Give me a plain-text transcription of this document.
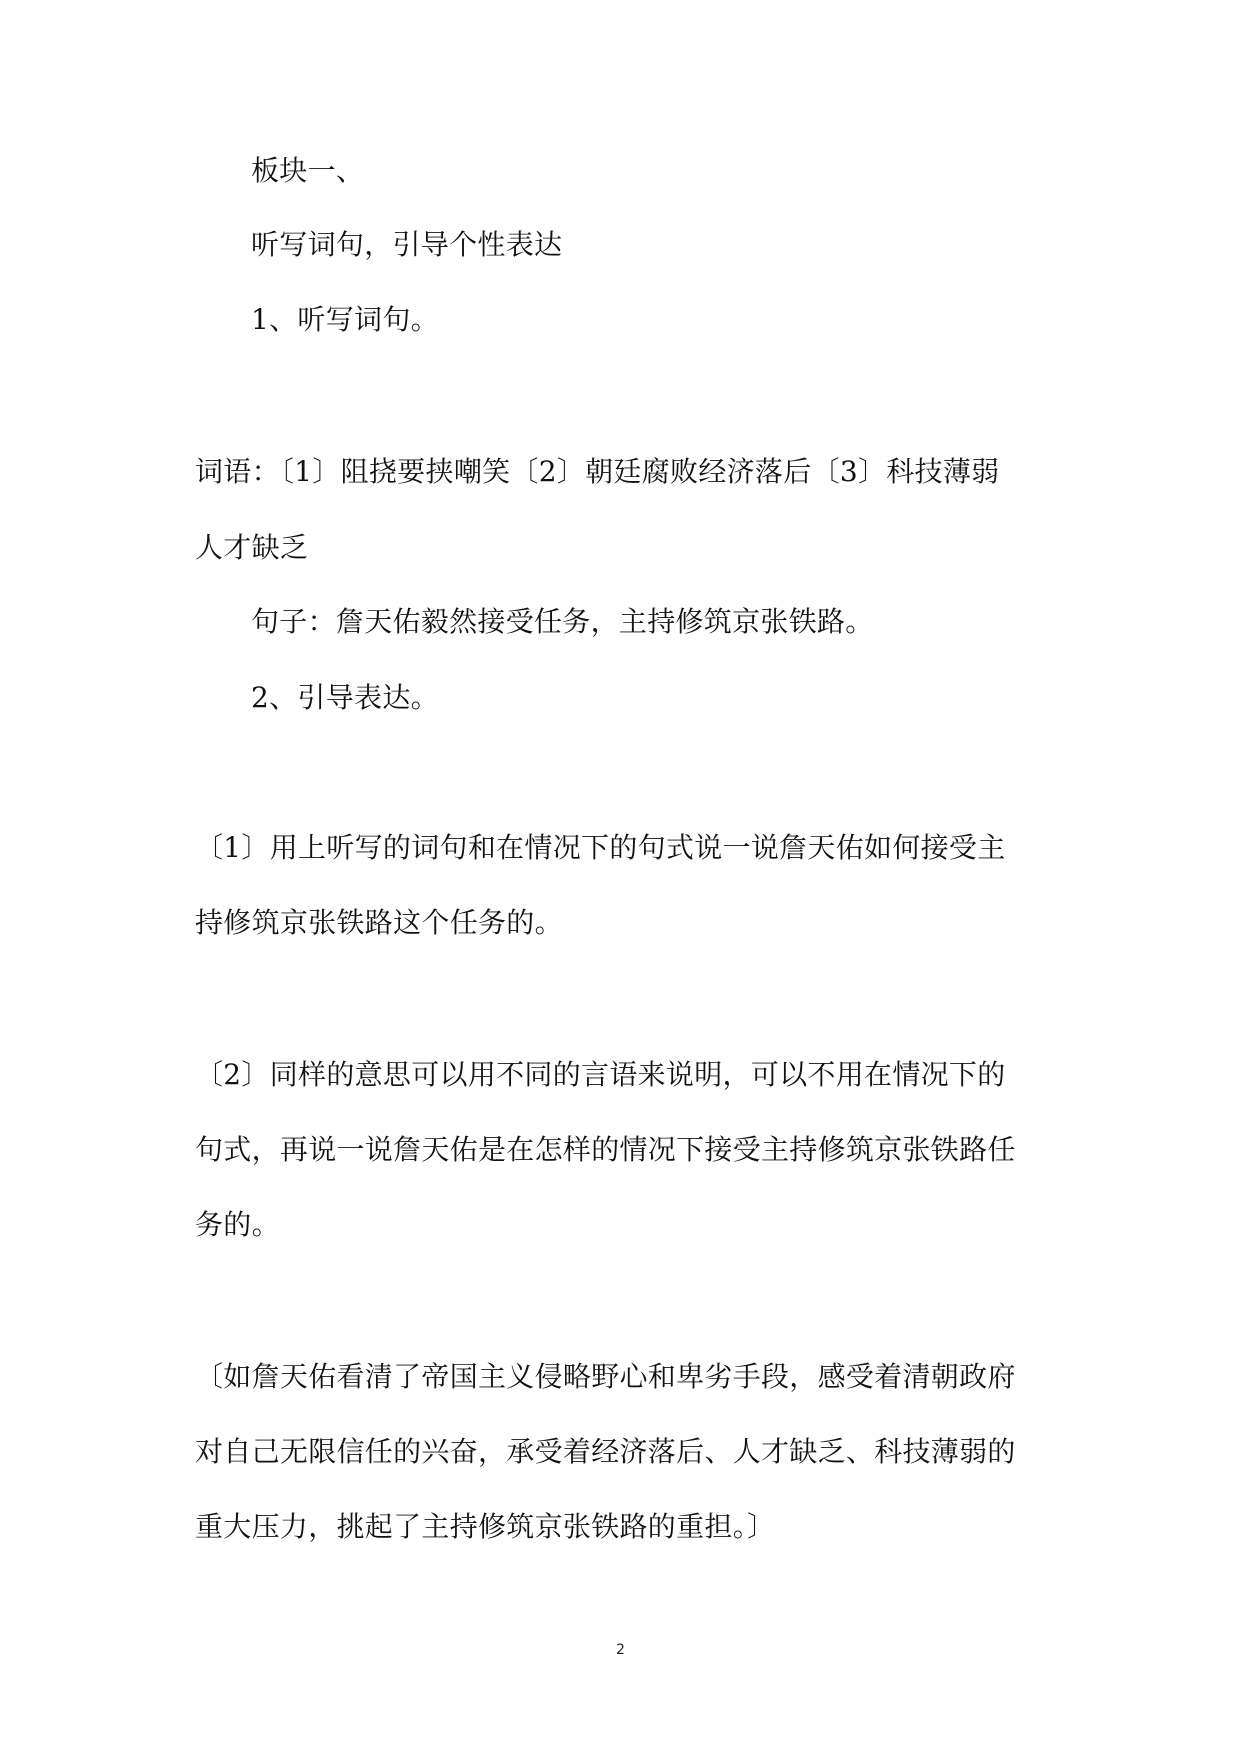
板块一、
听写词句，引导个性表达
1、听写词句。
词语：〔1〕阻挠要挟嘲笑〔2〕朝廷腐败经济落后〔3〕科技薄弱
人才缺乏
句子：詹天佑毅然接受任务，主持修筑京张铁路。
2、引导表达。
〔1〕用上听写的词句和在情况下的句式说一说詹天佑如何接受主
持修筑京张铁路这个任务的。
〔2〕同样的意思可以用不同的言语来说明，可以不用在情况下的
句式，再说一说詹天佑是在怎样的情况下接受主持修筑京张铁路任
务的。
〔如詹天佑看清了帝国主义侵略野心和卑劣手段，感受着清朝政府
对自己无限信任的兴奋，承受着经济落后、人才缺乏、科技薄弱的
重大压力，挑起了主持修筑京张铁路的重担。〕
2
